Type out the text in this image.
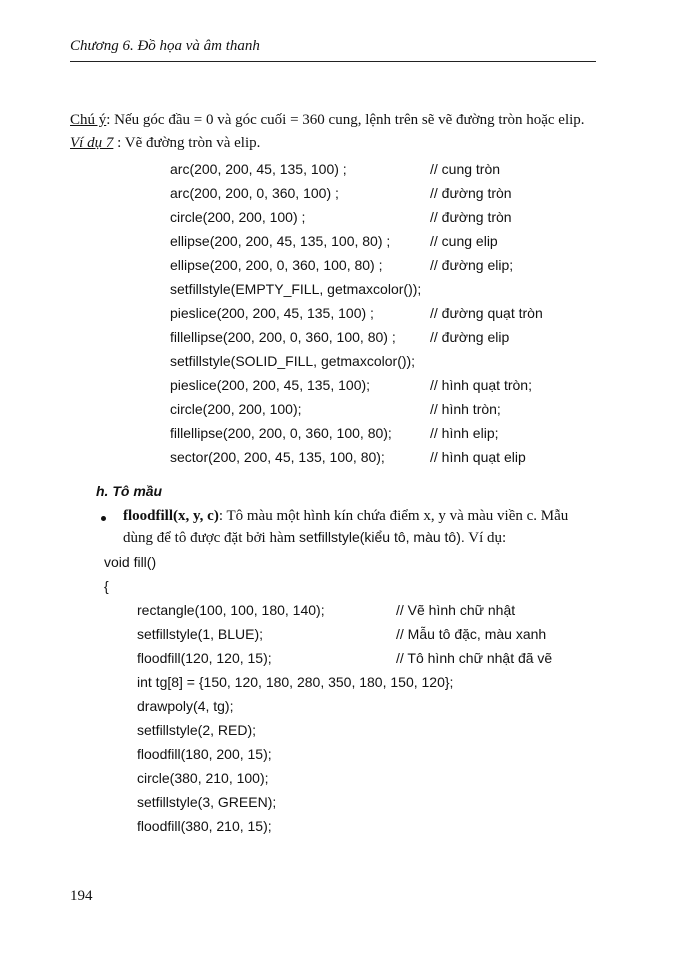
Chương 6. Đồ họa và âm thanh
Chú ý: Nếu góc đầu = 0 và góc cuối = 360 cung, lệnh trên sẽ vẽ đường tròn hoặc elip.
Ví dụ 7 : Vẽ đường tròn và elip.
arc(200, 200, 45, 135, 100) ;	// cung tròn
arc(200, 200, 0, 360, 100) ;	// đường tròn
circle(200, 200, 100) ;	// đường tròn
ellipse(200, 200, 45, 135, 100, 80) ;	// cung elip
ellipse(200, 200, 0, 360, 100, 80) ;	// đường elip;
setfillstyle(EMPTY_FILL, getmaxcolor());
pieslice(200, 200, 45, 135, 100) ;	// đường quạt tròn
fillellipse(200, 200, 0, 360, 100, 80) ; // đường elip
setfillstyle(SOLID_FILL, getmaxcolor());
pieslice(200, 200, 45, 135, 100);	// hình quạt tròn;
circle(200, 200, 100);	// hình tròn;
fillellipse(200, 200, 0, 360, 100, 80);	// hình elip;
sector(200, 200, 45, 135, 100, 80);	// hình quạt elip
h. Tô mầu
floodfill(x, y, c): Tô màu một hình kín chứa điểm x, y và màu viền c. Mẫu
dùng để tô được đặt bởi hàm setfillstyle(kiểu tô, màu tô). Ví dụ:
void fill()
{
rectangle(100, 100, 180, 140);	// Vẽ hình chữ nhật
setfillstyle(1, BLUE);	// Mẫu tô đặc, màu xanh
floodfill(120, 120, 15);	// Tô hình chữ nhật đã vẽ
int tg[8] = {150, 120, 180, 280, 350, 180, 150, 120};
drawpoly(4, tg);
setfillstyle(2, RED);
floodfill(180, 200, 15);
circle(380, 210, 100);
setfillstyle(3, GREEN);
floodfill(380, 210, 15);
194
